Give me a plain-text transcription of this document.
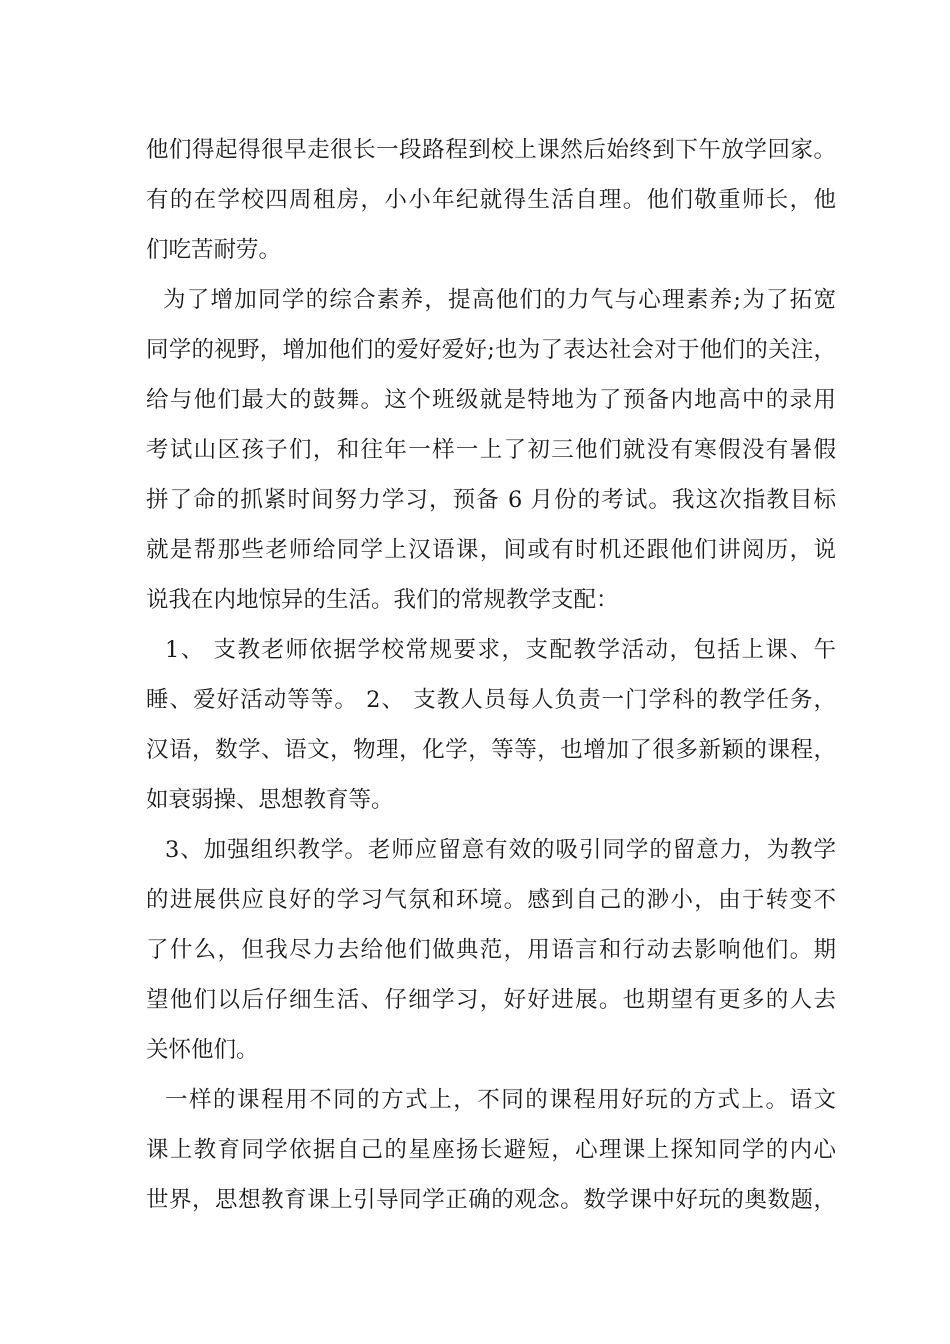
他们得起得很早走很长一段路程到校上课然后始终到下午放学回家。
有的在学校四周租房，小小年纪就得生活自理。他们敬重师长，他
们吃苦耐劳。
为了增加同学的综合素养，提高他们的力气与心理素养;为了拓宽
同学的视野，增加他们的爱好爱好;也为了表达社会对于他们的关注，
给与他们最大的鼓舞。这个班级就是特地为了预备内地高中的录用
考试山区孩子们，和往年一样一上了初三他们就没有寒假没有暑假
拼了命的抓紧时间努力学习，预备 6 月份的考试。我这次指教目标
就是帮那些老师给同学上汉语课，间或有时机还跟他们讲阅历，说
说我在内地惊异的生活。我们的常规教学支配：
1、 支教老师依据学校常规要求，支配教学活动，包括上课、午
睡、爱好活动等等。 2、 支教人员每人负责一门学科的教学任务，
汉语，数学、语文，物理，化学，等等，也增加了很多新颖的课程，
如衰弱操、思想教育等。
3、加强组织教学。老师应留意有效的吸引同学的留意力，为教学
的进展供应良好的学习气氛和环境。感到自己的渺小，由于转变不
了什么，但我尽力去给他们做典范，用语言和行动去影响他们。期
望他们以后仔细生活、仔细学习，好好进展。也期望有更多的人去
关怀他们。
一样的课程用不同的方式上，不同的课程用好玩的方式上。语文
课上教育同学依据自己的星座扬长避短，心理课上探知同学的内心
世界，思想教育课上引导同学正确的观念。数学课中好玩的奥数题，
